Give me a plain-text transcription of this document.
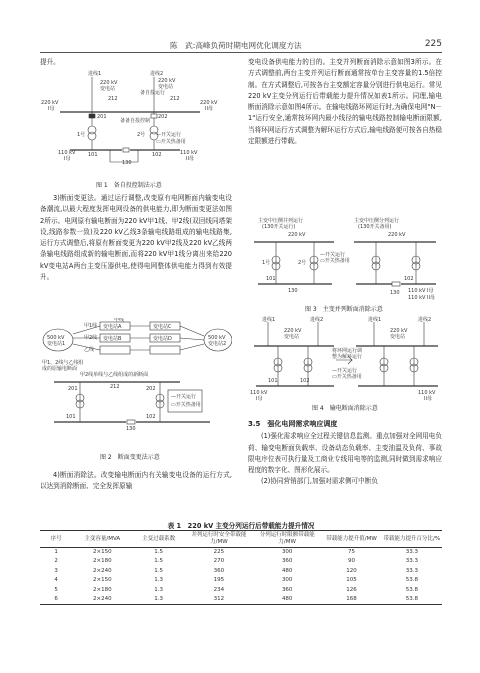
陈　武:高峰负荷时期电网优化调度方法	225

提升。

进线1	进线2
220 kV
变电站
220 kV
变电站
备自投运行
220 kV
I母
220 kV
II母
212	212
201	202
备备自投控制
1号	2号 —开关运行
▭开关热备用
110 kV
I母
101
130
102	110 kV
II母
图 1　备自投控制法示意

3)断面变更法。通过运行调整,改变原有电网断面内输变电设备潮流,以最大程度发挥电网设备的供电能力,即为断面变更法如图2所示。电网原有输电断面为220 kV甲1线、甲2线(双回线同塔架设,线路参数一致)及220 kV乙线3条输电线路组成的输电线路集,运行方式调整后,将原有断面变更为220 kV甲2线及220 kV乙线两条输电线路组成新的输电断面,而将220 kV甲1线分离出来给220 kV变电站A两台主变压器供电,使得电网整体供电能力得到有效提升。

甲线
甲1线
甲2线
乙线
500 kV
变电站1
500 kV
变电站2
变电站A
变电站B
变电站C
变电站D
甲1、2线与乙线组
成的原输电断面
甲2线单线与乙线组成的新断面
212
201	202
101
130
102
—开关运行
▭开关热备用
图 2　断面变更法示意

4)断面消除法。改变输电断面内有关输变电设备的运行方式,以达到消除断面、完全发挥原输

变电设备供电能力的目的。主变并列断面消除示意如图3所示。在方式调整前,两台主变并列运行断面通常按单台主变容量的1.5倍控制。在方式调整后,可按各台主变额定容量分别进行供电运行。常见220 kV主变分列运行后带载能力提升情况如表1所示。同理,输电断面消除示意如图4所示。在输电线路环网运行时,为确保电网"N－1"运行安全,通常按环网内最小线径的输电线路控制输电断面限额,当将环网运行方式调整为解环运行方式后,输电线路便可按各自热稳定限额进行带载。

主变中压侧并列运行
(130开关运行)
主变中压侧分列运行
(130开关备用)
220 kV	220 kV
—开关运行
▭开关热备用
1号	2号
101
130	130
102
110 kV I母
110 kV II母
图 3　主变并列断面消除示意
进线1	进线2	进线1	进线2
220 kV
变电站
220 kV
变电站
将环网运行调
整为解环运行
—开关运行
▭开关热备用
101	102
110 kV
I母
110 kV
II母
图 4　输电断面消除示意
3.5　强化电网需求响应调度

(1)强化需求响应全过程关键信息监测。重点加强对全网用电负荷、输变电断面负载率、设备动态负载率、主变油温及负荷、事故限电序位表可执行量及工商业专线用电等的监测,同时做到需求响应程度的数字化、图形化展示。

(2)协同营销部门,加强对需求侧可中断负

表 1　220 kV 主变分列运行后带载能力提升情况
序号	主变容量/MVA	主变过载系数	并列运行时安全带载能力/MW	分列运行时限额带载能力/MW	带载能力提升值/MW	带载能力提升百分比/%
1	2×150	1.5	225	300	75	33.3
2	2×180	1.5	270	360	90	33.3
3	2×240	1.5	360	480	120	33.3
4	2×150	1.3	195	300	105	53.8
5	2×180	1.3	234	360	126	53.8
6	2×240	1.3	312	480	168	53.8
